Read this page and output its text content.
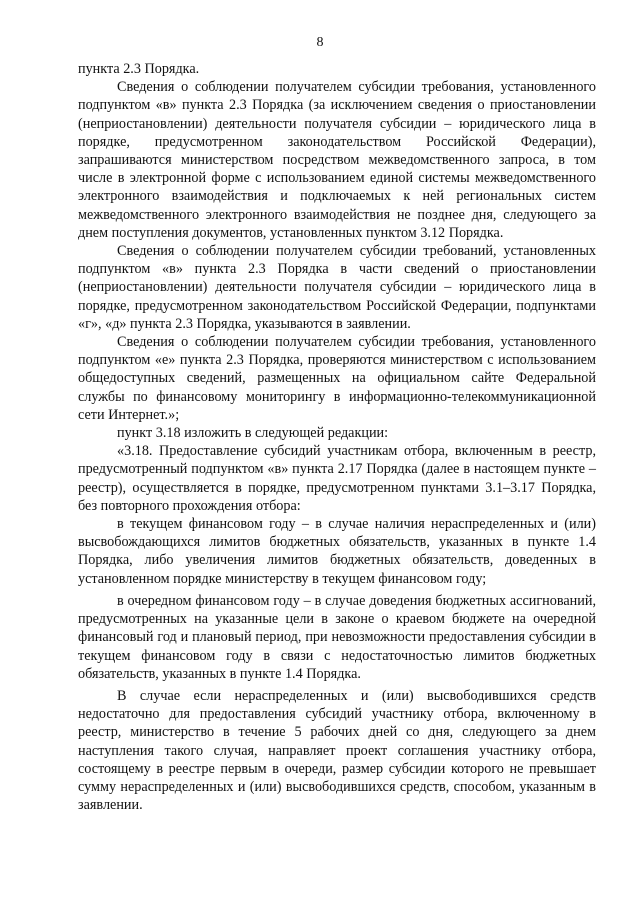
8

пункта 2.3 Порядка.

Сведения о соблюдении получателем субсидии требования, установленного подпунктом «в» пункта 2.3 Порядка (за исключением сведения о приостановлении (неприостановлении) деятельности получателя субсидии – юридического лица в порядке, предусмотренном законодательством Российской Федерации), запрашиваются министерством посредством межведомственного запроса, в том числе в электронной форме с использованием единой системы межведомственного электронного взаимодействия и подключаемых к ней региональных систем межведомственного электронного взаимодействия не позднее дня, следующего за днем поступления документов, установленных пунктом 3.12 Порядка.

Сведения о соблюдении получателем субсидии требований, установленных подпунктом «в» пункта 2.3 Порядка в части сведений о приостановлении (неприостановлении) деятельности получателя субсидии – юридического лица в порядке, предусмотренном законодательством Российской Федерации, подпунктами «г», «д» пункта 2.3 Порядка, указываются в заявлении.

Сведения о соблюдении получателем субсидии требования, установленного подпунктом «е» пункта 2.3 Порядка, проверяются министерством с использованием общедоступных сведений, размещенных на официальном сайте Федеральной службы по финансовому мониторингу в информационно-телекоммуникационной сети Интернет.»;

пункт 3.18 изложить в следующей редакции:

«3.18. Предоставление субсидий участникам отбора, включенным в реестр, предусмотренный подпунктом «в» пункта 2.17 Порядка (далее в настоящем пункте – реестр), осуществляется в порядке, предусмотренном пунктами 3.1–3.17 Порядка, без повторного прохождения отбора:

в текущем финансовом году – в случае наличия нераспределенных и (или) высвобождающихся лимитов бюджетных обязательств, указанных в пункте 1.4 Порядка, либо увеличения лимитов бюджетных обязательств, доведенных в установленном порядке министерству в текущем финансовом году;

в очередном финансовом году – в случае доведения бюджетных ассигнований, предусмотренных на указанные цели в законе о краевом бюджете на очередной финансовый год и плановый период, при невозможности предоставления субсидии в текущем финансовом году в связи с недостаточностью лимитов бюджетных обязательств, указанных в пункте 1.4 Порядка.

В случае если нераспределенных и (или) высвободившихся средств недостаточно для предоставления субсидий участнику отбора, включенному в реестр, министерство в течение 5 рабочих дней со дня, следующего за днем наступления такого случая, направляет проект соглашения участнику отбора, состоящему в реестре первым в очереди, размер субсидии которого не превышает сумму нераспределенных и (или) высвободившихся средств, способом, указанным в заявлении.
